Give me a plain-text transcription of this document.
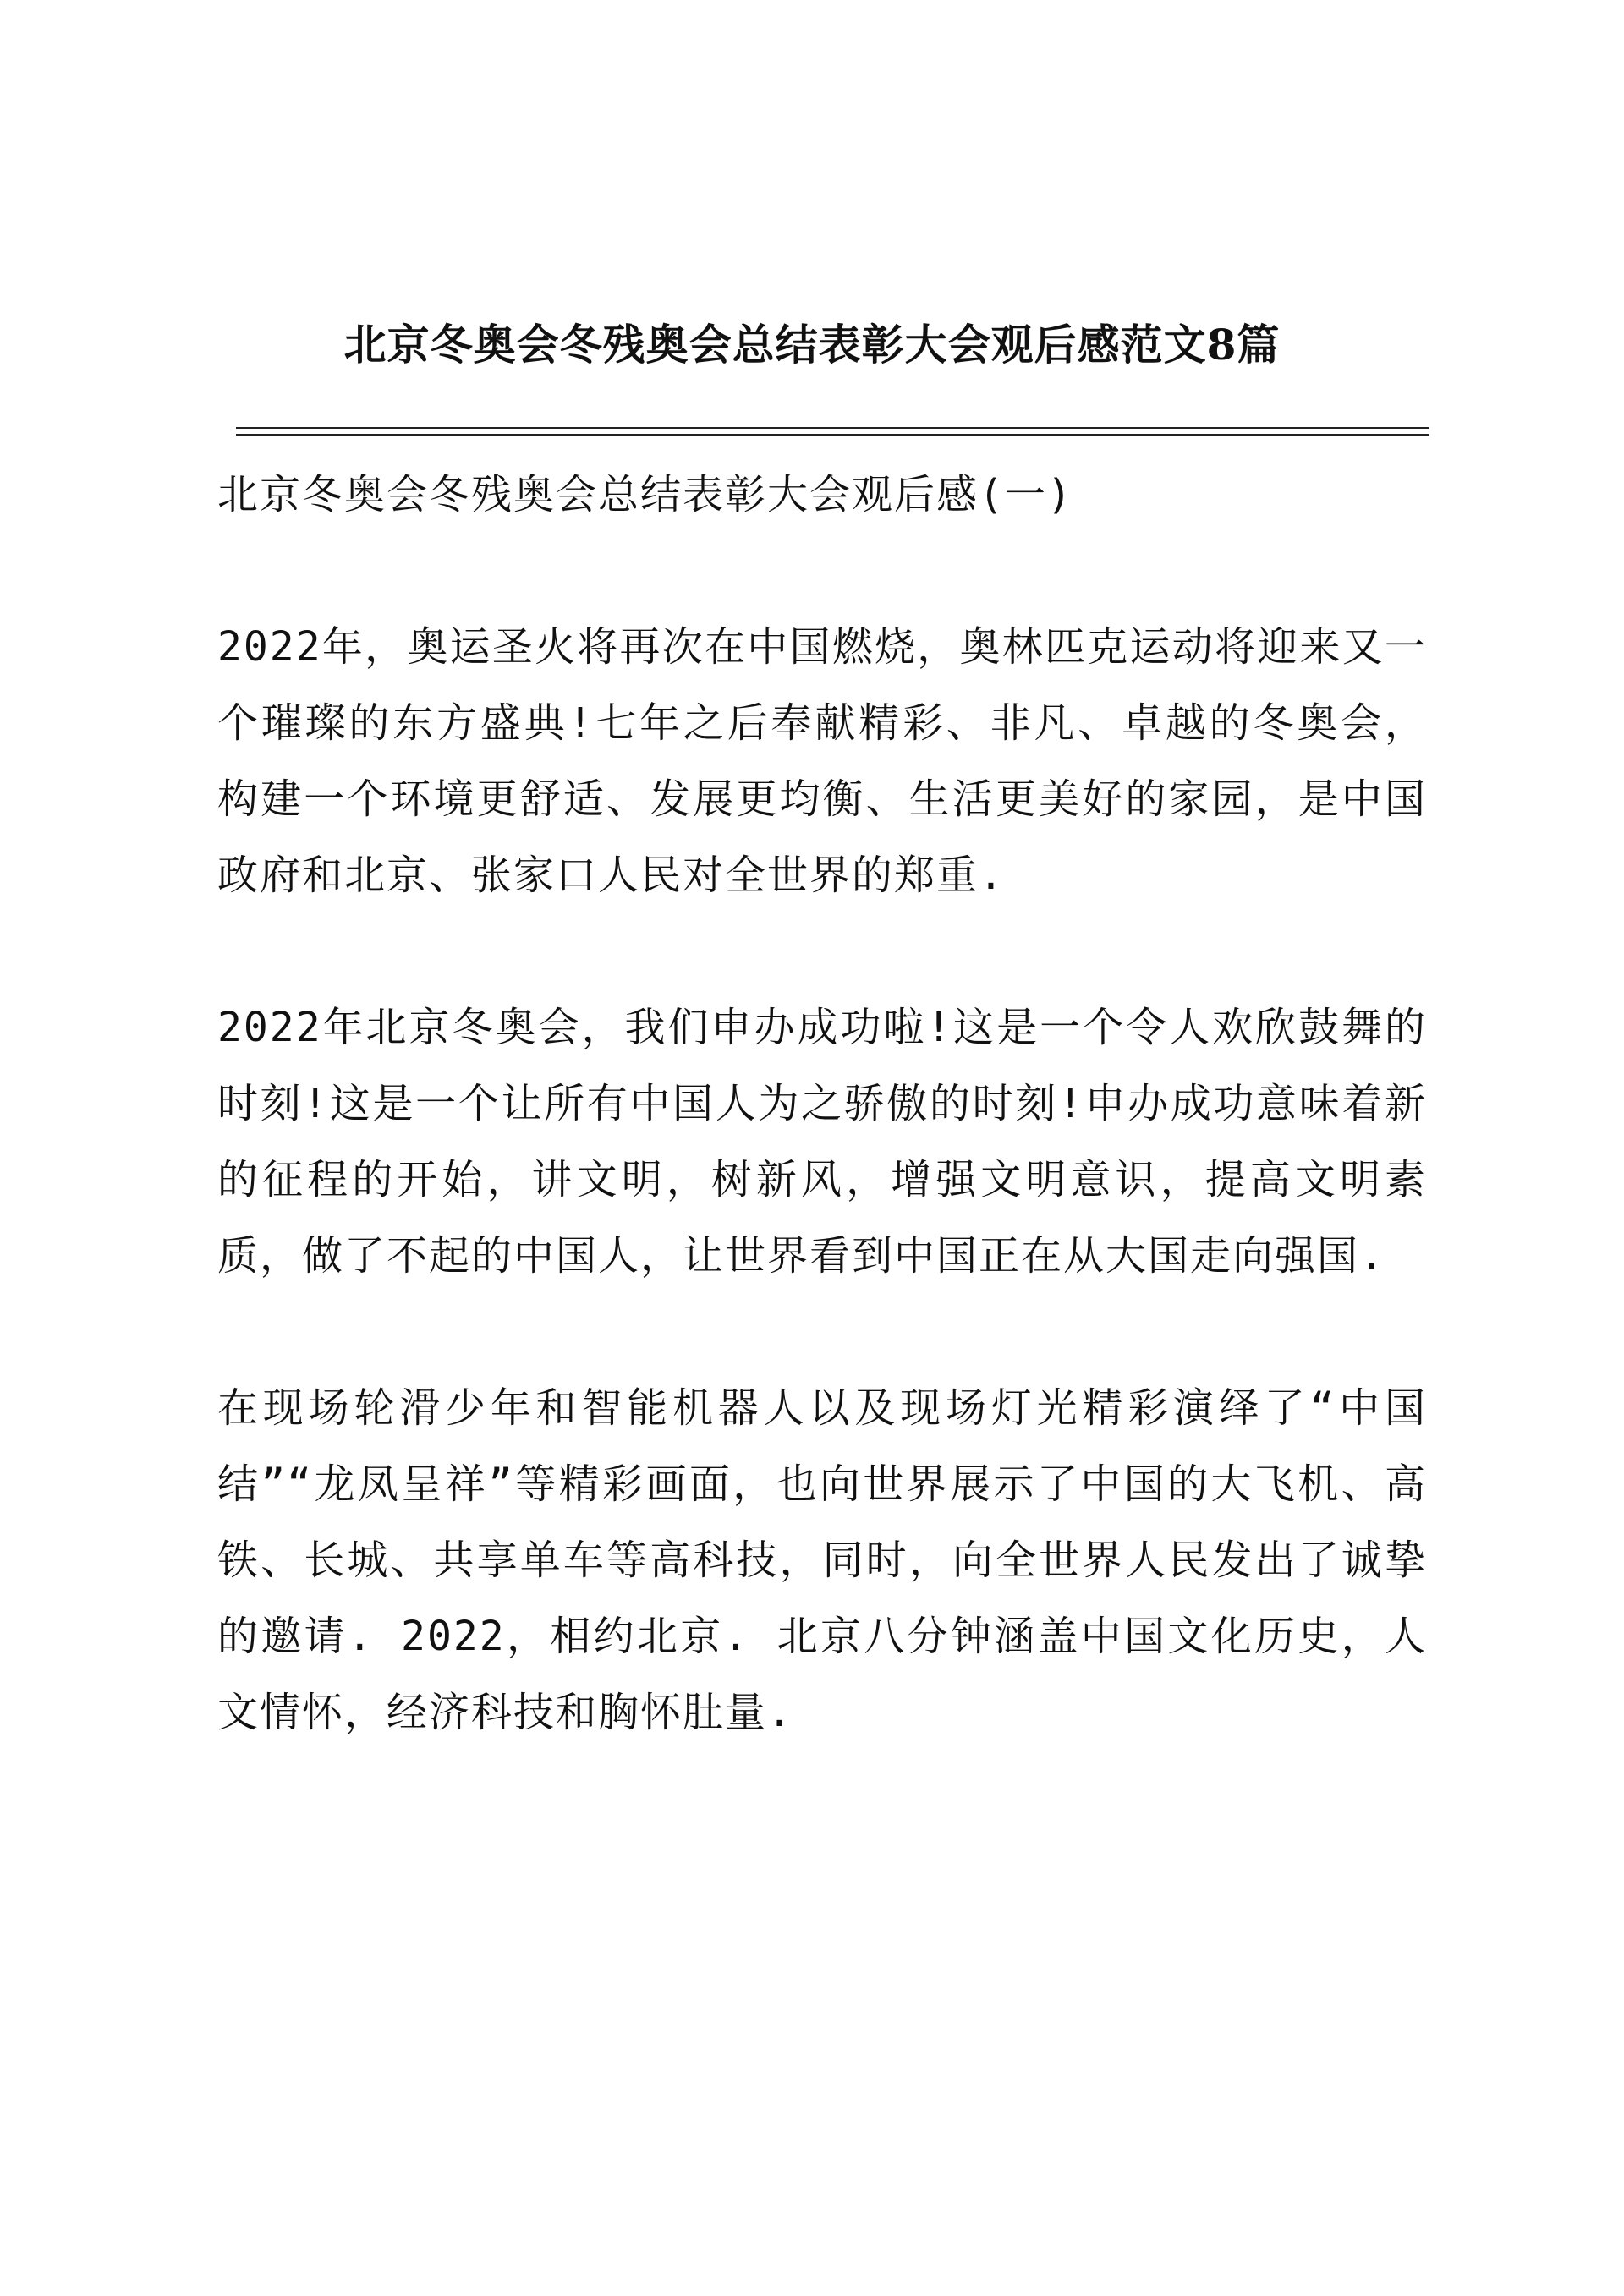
北京冬奥会冬残奥会总结表彰大会观后感范文8篇

北京冬奥会冬残奥会总结表彰大会观后感(一)

2022年，奥运圣火将再次在中国燃烧，奥林匹克运动将迎来又一个璀璨的东方盛典!七年之后奉献精彩、非凡、卓越的冬奥会，构建一个环境更舒适、发展更均衡、生活更美好的家园，是中国政府和北京、张家口人民对全世界的郑重.

2022年北京冬奥会，我们申办成功啦!这是一个令人欢欣鼓舞的时刻!这是一个让所有中国人为之骄傲的时刻!申办成功意味着新的征程的开始，讲文明，树新风，增强文明意识，提高文明素质，做了不起的中国人，让世界看到中国正在从大国走向强国.

在现场轮滑少年和智能机器人以及现场灯光精彩演绎了“中国结”“龙凤呈祥”等精彩画面，也向世界展示了中国的大飞机、高铁、长城、共享单车等高科技，同时，向全世界人民发出了诚挚的邀请. 2022，相约北京. 北京八分钟涵盖中国文化历史，人文情怀，经济科技和胸怀肚量.
